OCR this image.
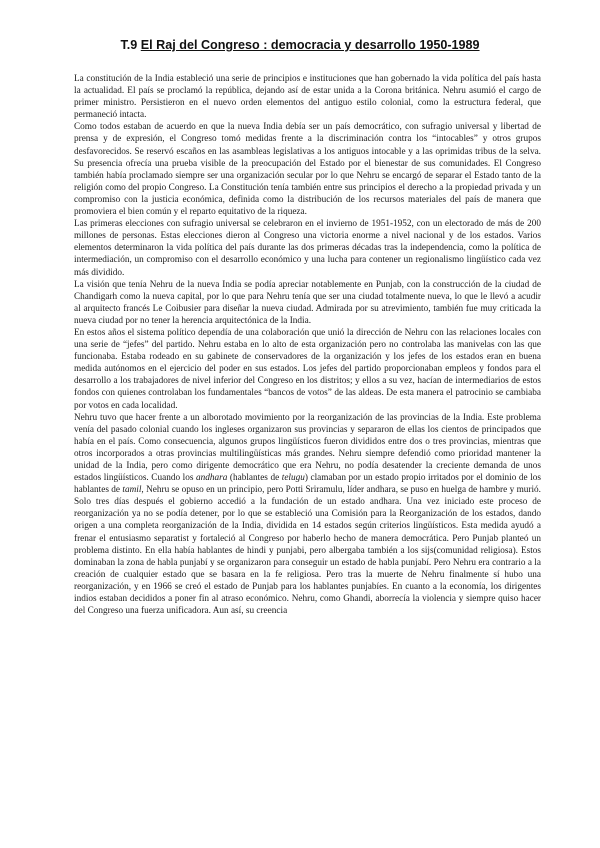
T.9 El Raj del Congreso : democracia y desarrollo 1950-1989

La constitución de la India estableció una serie de principios e instituciones que han gobernado la vida política del país hasta la actualidad. El país se proclamó la república, dejando así de estar unida a la Corona británica. Nehru asumió el cargo de primer ministro. Persistieron en el nuevo orden elementos del antiguo estilo colonial, como la estructura federal, que permaneció intacta.

Como todos estaban de acuerdo en que la nueva India debía ser un país democrático, con sufragio universal y libertad de prensa y de expresión, el Congreso tomó medidas frente a la discriminación contra los “intocables” y otros grupos desfavorecidos. Se reservó escaños en las asambleas legislativas a los antiguos intocable y a las oprimidas tribus de la selva. Su presencia ofrecía una prueba visible de la preocupación del Estado por el bienestar de sus comunidades. El Congreso también había proclamado siempre ser una organización secular por lo que Nehru se encargó de separar el Estado tanto de la religión como del propio Congreso. La Constitución tenía también entre sus principios el derecho a la propiedad privada y un compromiso con la justicia económica, definida como la distribución de los recursos materiales del país de manera que promoviera el bien común y el reparto equitativo de la riqueza.

Las primeras elecciones con sufragio universal se celebraron en el invierno de 1951-1952, con un electorado de más de 200 millones de personas. Estas elecciones dieron al Congreso una victoria enorme a nivel nacional y de los estados. Varios elementos determinaron la vida política del país durante las dos primeras décadas tras la independencia, como la política de intermediación, un compromiso con el desarrollo económico y una lucha para contener un regionalismo lingüístico cada vez más dividido.

La visión que tenía Nehru de la nueva India se podía apreciar notablemente en Punjab, con la construcción de la ciudad de Chandigarh como la nueva capital, por lo que para Nehru tenía que ser una ciudad totalmente nueva, lo que le llevó a acudir al arquitecto francés Le Coibusier para diseñar la nueva ciudad. Admirada por su atrevimiento, también fue muy criticada la nueva ciudad por no tener la herencia arquitectónica de la India.

En estos años el sistema político dependía de una colaboración que unió la dirección de Nehru con las relaciones locales con una serie de “jefes” del partido. Nehru estaba en lo alto de esta organización pero no controlaba las manivelas con las que funcionaba. Estaba rodeado en su gabinete de conservadores de la organización y los jefes de los estados eran en buena medida autónomos en el ejercicio del poder en sus estados. Los jefes del partido proporcionaban empleos y fondos para el desarrollo a los trabajadores de nivel inferior del Congreso en los distritos; y ellos a su vez, hacían de intermediarios de estos fondos con quienes controlaban los fundamentales “bancos de votos” de las aldeas. De esta manera el patrocinio se cambiaba por votos en cada localidad.

Nehru tuvo que hacer frente a un alborotado movimiento por la reorganización de las provincias de la India. Este problema venía del pasado colonial cuando los ingleses organizaron sus provincias y separaron de ellas los cientos de principados que había en el país. Como consecuencia, algunos grupos lingüísticos fueron divididos entre dos o tres provincias, mientras que otros incorporados a otras provincias multilingüísticas más grandes. Nehru siempre defendió como prioridad mantener la unidad de la India, pero como dirigente democrático que era Nehru, no podía desatender la creciente demanda de unos estados lingüísticos. Cuando los andhara (hablantes de telugu) clamaban por un estado propio irritados por el dominio de los hablantes de tamil, Nehru se opuso en un principio, pero Potti Sriramulu, líder andhara, se puso en huelga de hambre y murió. Solo tres días después el gobierno accedió a la fundación de un estado andhara. Una vez iniciado este proceso de reorganización ya no se podía detener, por lo que se estableció una Comisión para la Reorganización de los estados, dando origen a una completa reorganización de la India, dividida en 14 estados según criterios lingüísticos. Esta medida ayudó a frenar el entusiasmo separatist y fortaleció al Congreso por haberlo hecho de manera democrática. Pero Punjab planteó un problema distinto. En ella había hablantes de hindi y punjabi, pero albergaba también a los sijs(comunidad religiosa). Estos dominaban la zona de habla punjabí y se organizaron para conseguir un estado de habla punjabí. Pero Nehru era contrario a la creación de cualquier estado que se basara en la fe religiosa. Pero tras la muerte de Nehru finalmente sí hubo una reorganización, y en 1966 se creó el estado de Punjab para los hablantes punjabíes. En cuanto a la economía, los dirigentes indios estaban decididos a poner fin al atraso económico. Nehru, como Ghandi, aborrecía la violencia y siempre quiso hacer del Congreso una fuerza unificadora. Aun así, su creencia
